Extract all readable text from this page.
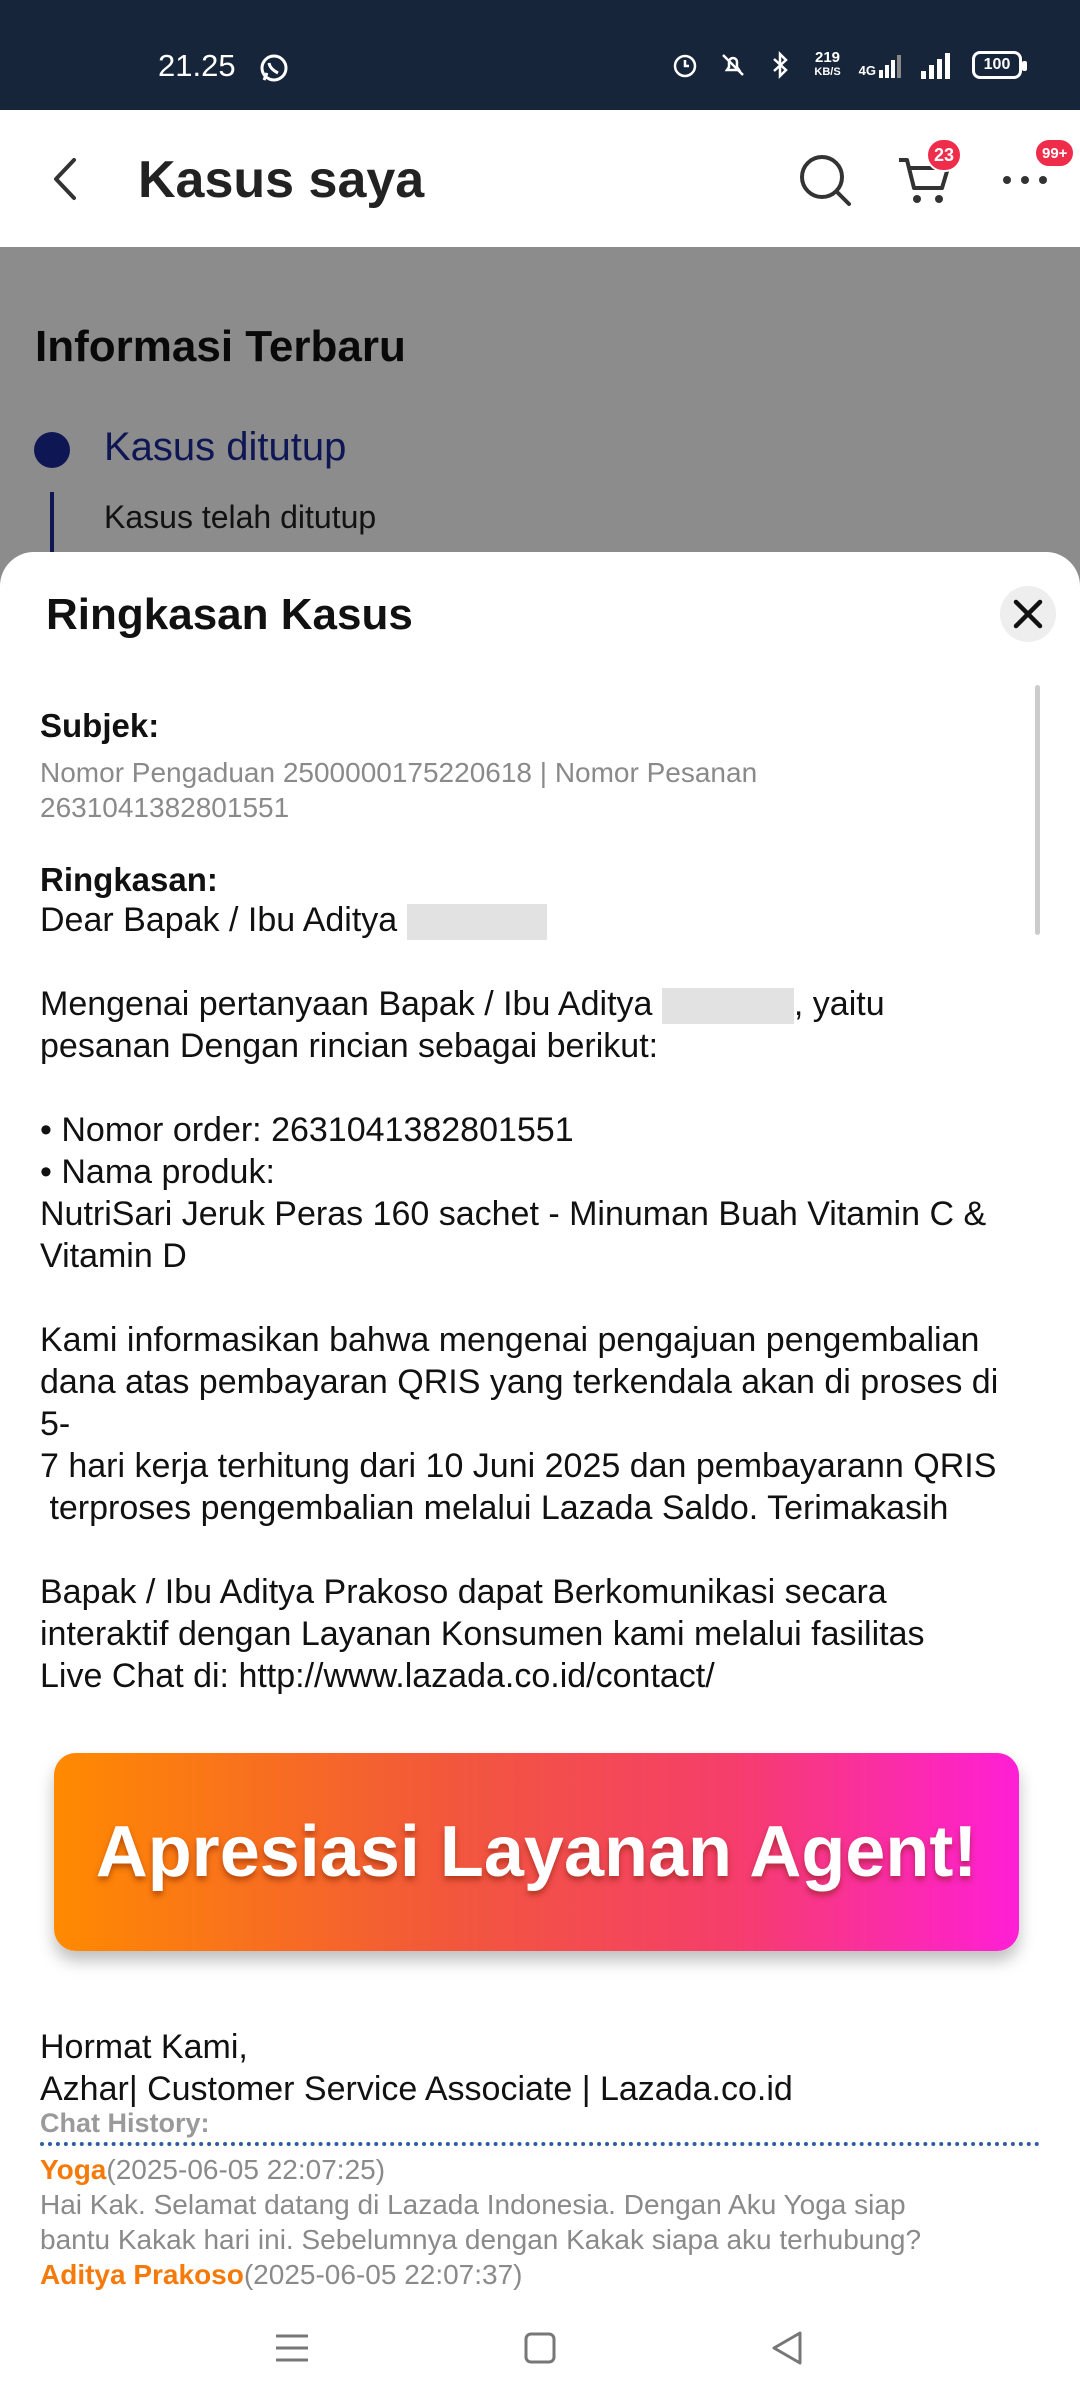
21.25	219
KB/S 4G	100
Kasus saya	23	99+
Informasi Terbaru
Kasus ditutup
Kasus telah ditutup
Ringkasan Kasus
Subjek:
Nomor Pengaduan 2500000175220618 | Nomor Pesanan
2631041382801551
Ringkasan:
Dear Bapak / Ibu Aditya
Mengenai pertanyaan Bapak / Ibu Aditya	, yaitu
pesanan Dengan rincian sebagai berikut:
• Nomor order: 2631041382801551
• Nama produk:
NutriSari Jeruk Peras 160 sachet - Minuman Buah Vitamin C &
Vitamin D
Kami informasikan bahwa mengenai pengajuan pengembalian
dana atas pembayaran QRIS yang terkendala akan di proses di
5-
7 hari kerja terhitung dari 10 Juni 2025 dan pembayarann QRIS
terproses pengembalian melalui Lazada Saldo. Terimakasih
Bapak / Ibu Aditya Prakoso dapat Berkomunikasi secara
interaktif dengan Layanan Konsumen kami melalui fasilitas
Live Chat di: http://www.lazada.co.id/contact/
Apresiasi Layanan Agent!
Hormat Kami,
Azhar| Customer Service Associate | Lazada.co.id
Chat History:
Yoga(2025-06-05 22:07:25)
Hai Kak. Selamat datang di Lazada Indonesia. Dengan Aku Yoga siap
bantu Kakak hari ini. Sebelumnya dengan Kakak siapa aku terhubung?
Aditya Prakoso(2025-06-05 22:07:37)
